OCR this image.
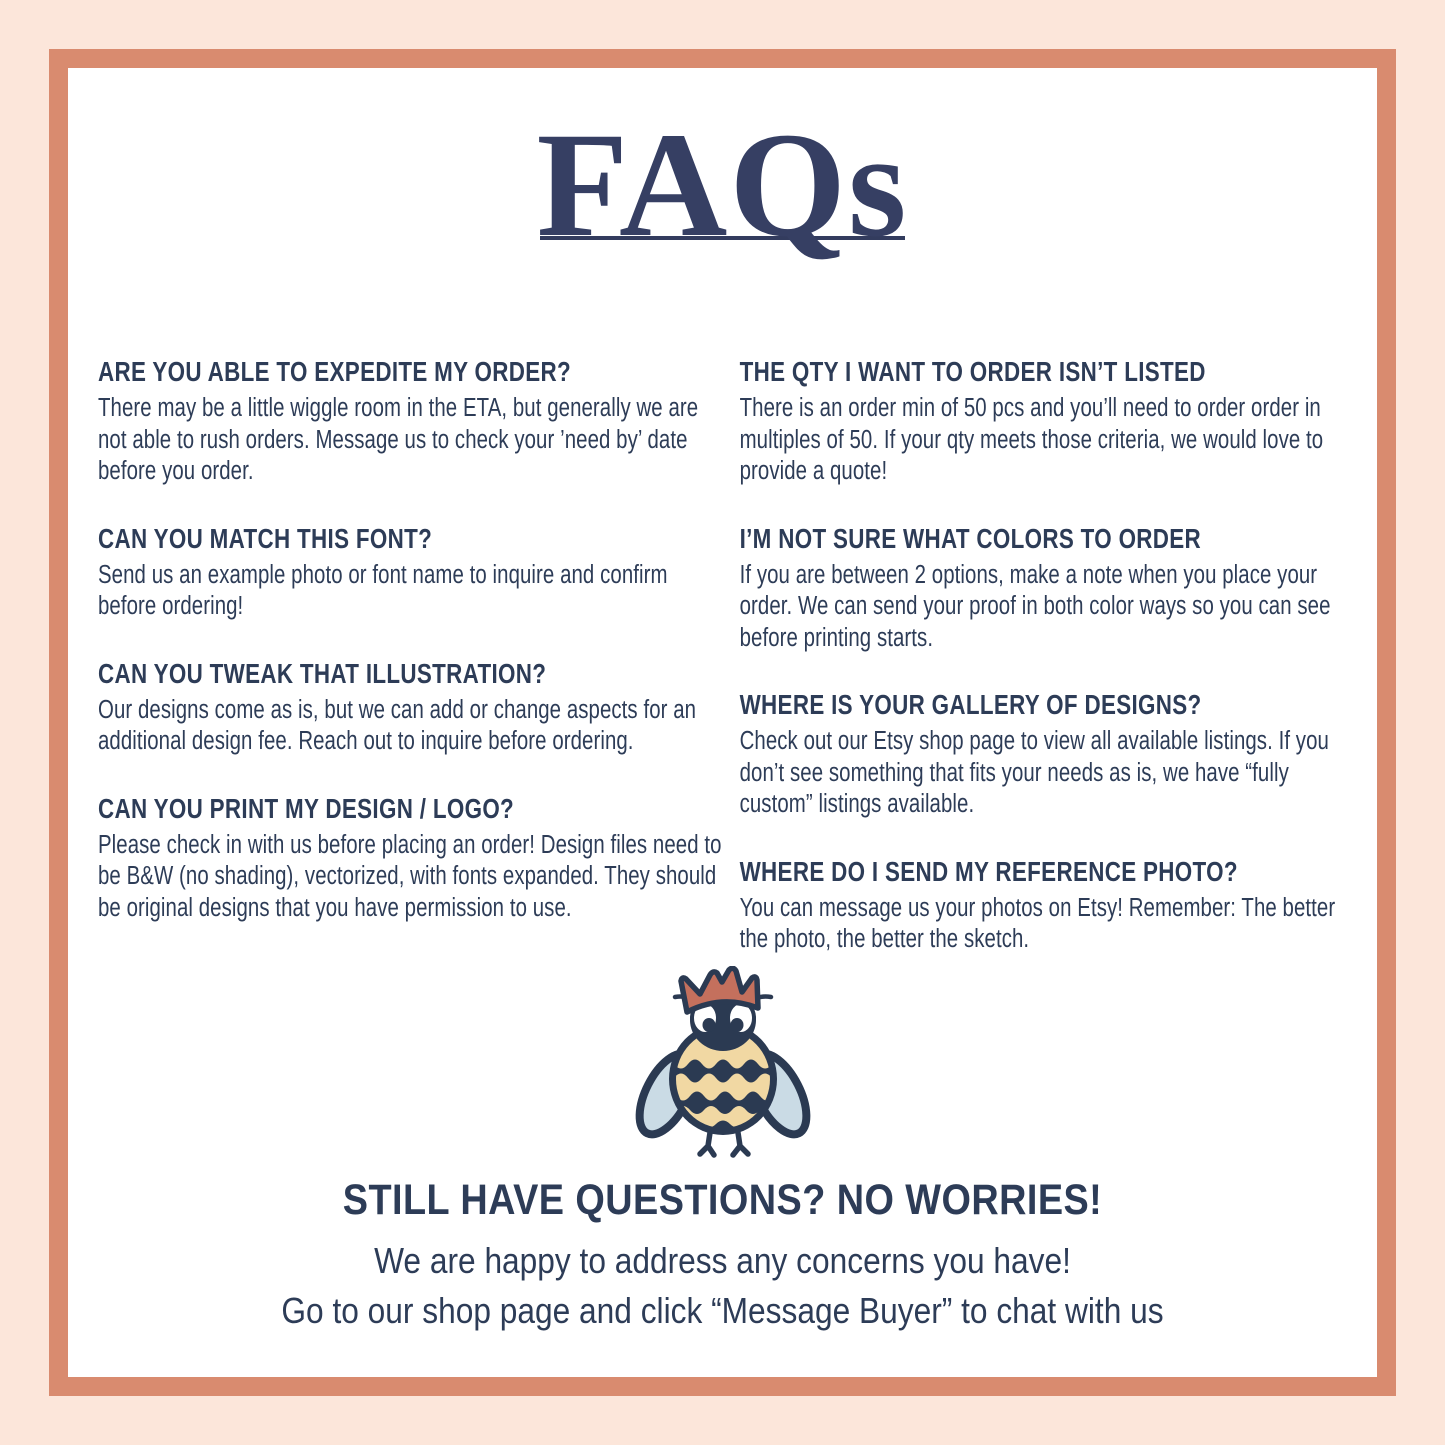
FAQs
ARE YOU ABLE TO EXPEDITE MY ORDER?

There may be a little wiggle room in the ETA, but generally we are not able to rush orders. Message us to check your ’need by’ date before you order.

CAN YOU MATCH THIS FONT?

Send us an example photo or font name to inquire and confirm before ordering!

CAN YOU TWEAK THAT ILLUSTRATION?

Our designs come as is, but we can add or change aspects for an additional design fee. Reach out to inquire before ordering.

CAN YOU PRINT MY DESIGN / LOGO?

Please check in with us before placing an order! Design files need to be B&W (no shading), vectorized, with fonts expanded. They should be original designs that you have permission to use.

THE QTY I WANT TO ORDER ISN’T LISTED

There is an order min of 50 pcs and you’ll need to order order in multiples of 50. If your qty meets those criteria, we would love to provide a quote!

I’M NOT SURE WHAT COLORS TO ORDER

If you are between 2 options, make a note when you place your order. We can send your proof in both color ways so you can see before printing starts.

WHERE IS YOUR GALLERY OF DESIGNS?

Check out our Etsy shop page to view all available listings. If you don’t see something that fits your needs as is, we have “fully custom” listings available.

WHERE DO I SEND MY REFERENCE PHOTO?

You can message us your photos on Etsy! Remember: The better the photo, the better the sketch.

STILL HAVE QUESTIONS? NO WORRIES!
We are happy to address any concerns you have!
Go to our shop page and click “Message Buyer” to chat with us
